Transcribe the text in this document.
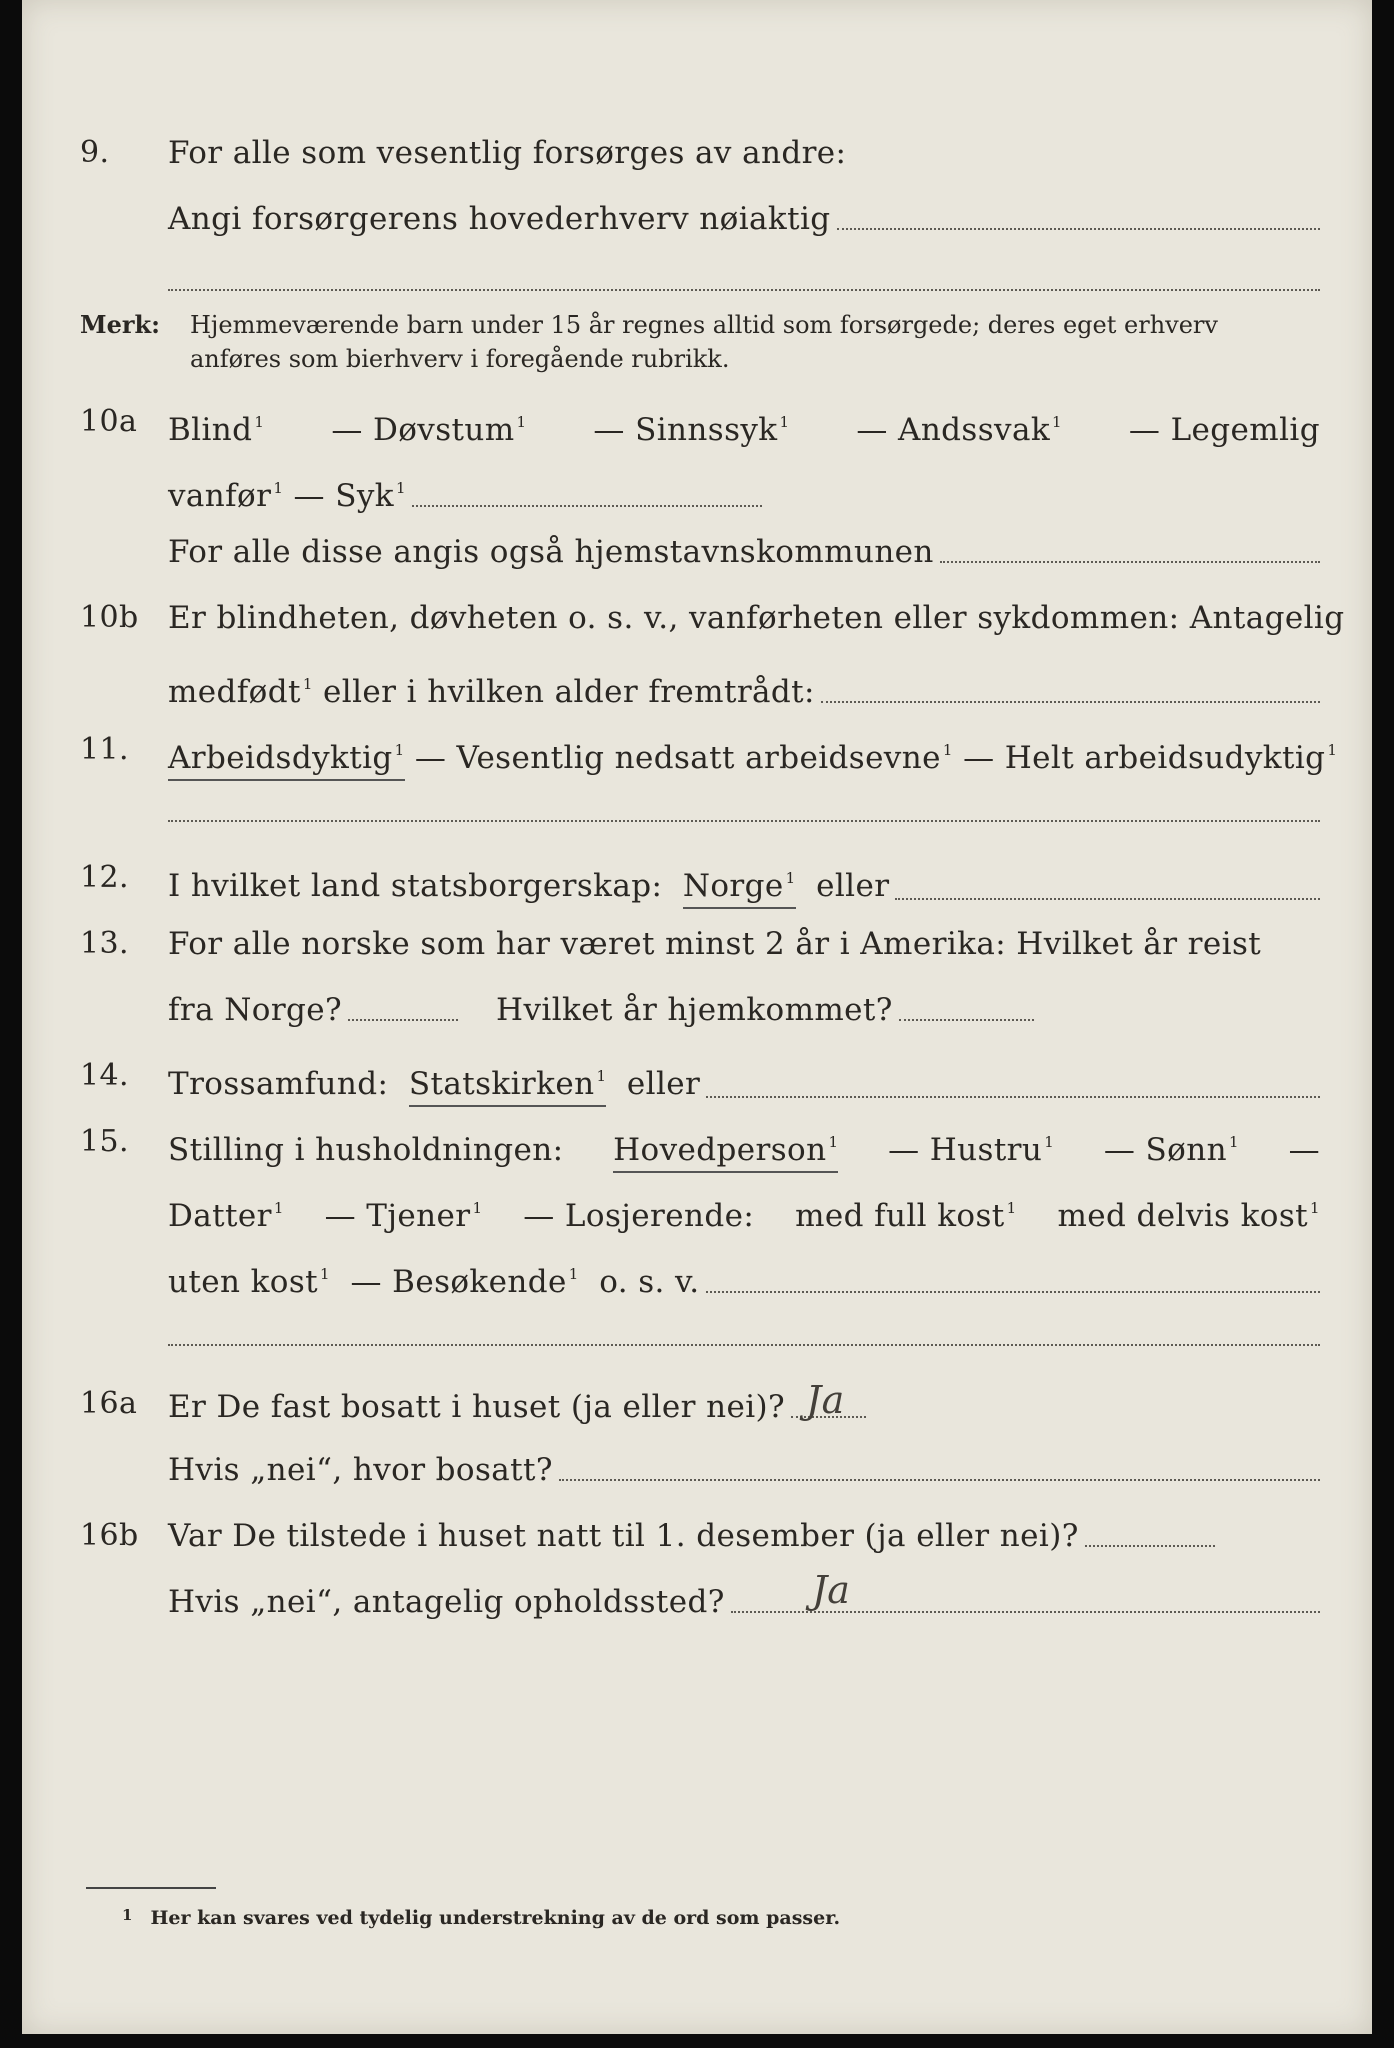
9.	For alle som vesentlig forsørges av andre:
Angi forsørgerens hovederhverv nøiaktig
Merk: Hjemmeværende barn under 15 år regnes alltid som forsørgede; deres eget erhverv
anføres som bierhverv i foregående rubrikk.
10a Blind $^1$ — Døvstum $^1$ — Sinnssyk $^1$ — Andssvak $^1$ — Legemlig
vanfør $^1$
— Syk $^1$
For alle disse angis også hjemstavnskommunen
10b Er blindheten, døvheten o. s. v., vanførheten eller sykdommen: Antagelig
medfødt $^1$
eller i hvilken alder fremtrådt:
11.	Arbeidsdyktig $^1$
— Vesentlig nedsatt arbeidsevne $^1$
— Helt arbeidsudyktig $^1$
12.	I hvilket land statsborgerskap:
Norge $^1$
eller
13.	For alle norske som har været minst 2 år i Amerika: Hvilket år reist
fra Norge?	Hvilket år hjemkommet?
14.	Trossamfund:
Statskirken $^1$
eller
15.	Stilling i husholdningen: Hovedperson $^1$ — Hustru $^1$ — Sønn $^1$ —
Datter $^1$ — Tjener $^1$ — Losjerende: med full kost $^1$ med delvis kost $^1$
uten kost $^1$
— Besøkende $^1$
o. s. v.
16a Er De fast bosatt i huset (ja eller nei)? Ja
Hvis „nei“, hvor bosatt?
16b Var De tilstede i huset natt til 1. desember (ja eller nei)?
Hvis „nei“, antagelig opholdssted? Ja
$^1$ Her kan svares ved tydelig understrekning av de ord som passer.
